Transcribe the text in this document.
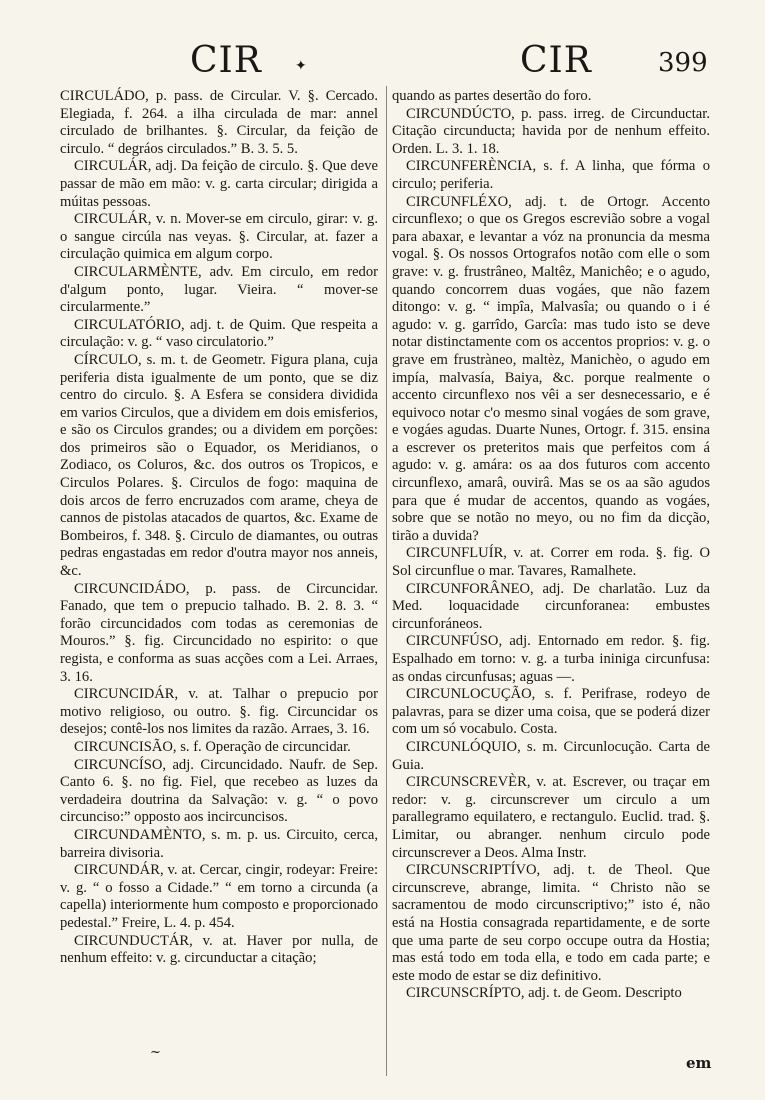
CIR ✦	CIR	399

CIRCULÁDO, p. pass. de Circular. V. §. Cercado. Elegiada, f. 264. a ilha circulada de mar: annel circulado de brilhantes. §. Circular, da feição de circulo. “ degráos circulados.” B. 3. 5. 5.

CIRCULÁR, adj. Da feição de circulo. §. Que deve passar de mão em mão: v. g. carta circular; dirigida a múitas pessoas.

CIRCULÁR, v. n. Mover-se em circulo, girar: v. g. o sangue circúla nas veyas. §. Circular, at. fazer a circulação quimica em algum corpo.

CIRCULARMÈNTE, adv. Em circulo, em redor d'algum ponto, lugar. Vieira. “ mover-se circularmente.”

CIRCULATÓRIO, adj. t. de Quim. Que respeita a circulação: v. g. “ vaso circulatorio.”

CÍRCULO, s. m. t. de Geometr. Figura plana, cuja periferia dista igualmente de um ponto, que se diz centro do circulo. §. A Esfera se considera dividida em varios Circulos, que a dividem em dois emisferios, e são os Circulos grandes; ou a dividem em porções: dos primeiros são o Equador, os Meridianos, o Zodiaco, os Coluros, &c. dos outros os Tropicos, e Circulos Polares. §. Circulos de fogo: maquina de dois arcos de ferro encruzados com arame, cheya de cannos de pistolas atacados de quartos, &c. Exame de Bombeiros, f. 348. §. Circulo de diamantes, ou outras pedras engastadas em redor d'outra mayor nos anneis, &c.

CIRCUNCIDÁDO, p. pass. de Circuncidar. Fanado, que tem o prepucio talhado. B. 2. 8. 3. “ forão circuncidados com todas as ceremonias de Mouros.” §. fig. Circuncidado no espirito: o que regista, e conforma as suas acções com a Lei. Arraes, 3. 16.

CIRCUNCIDÁR, v. at. Talhar o prepucio por motivo religioso, ou outro. §. fig. Circuncidar os desejos; contê-los nos limites da razão. Arraes, 3. 16.

CIRCUNCISÃO, s. f. Operação de circuncidar.

CIRCUNCÍSO, adj. Circuncidado. Naufr. de Sep. Canto 6. §. no fig. Fiel, que recebeo as luzes da verdadeira doutrina da Salvação: v. g. “ o povo circunciso:” opposto aos incircuncisos.

CIRCUNDAMÈNTO, s. m. p. us. Circuito, cerca, barreira divisoria.

CIRCUNDÁR, v. at. Cercar, cingir, rodeyar: Freire: v. g. “ o fosso a Cidade.” “ em torno a circunda (a capella) interiormente hum composto e proporcionado pedestal.” Freire, L. 4. p. 454.

CIRCUNDUCTÁR, v. at. Haver por nulla, de nenhum effeito: v. g. circunductar a citação;

quando as partes desertão do foro.

CIRCUNDÚCTO, p. pass. irreg. de Circunductar. Citação circunducta; havida por de nenhum effeito. Orden. L. 3. 1. 18.

CIRCUNFERÈNCIA, s. f. A linha, que fórma o circulo; periferia.

CIRCUNFLÉXO, adj. t. de Ortogr. Accento circunflexo; o que os Gregos escrevião sobre a vogal para abaxar, e levantar a vóz na pronuncia da mesma vogal. §. Os nossos Ortografos notão com elle o som grave: v. g. frustrâneo, Maltêz, Manichêo; e o agudo, quando concorrem duas vogáes, que não fazem ditongo: v. g. “ impîa, Malvasîa; ou quando o i é agudo: v. g. garrîdo, Garcîa: mas tudo isto se deve notar distinctamente com os accentos proprios: v. g. o grave em frustràneo, maltèz, Manichèo, o agudo em impía, malvasía, Baiya, &c. porque realmente o accento circunflexo nos vêi a ser desnecessario, e é equivoco notar c'o mesmo sinal vogáes de som grave, e vogáes agudas. Duarte Nunes, Ortogr. f. 315. ensina a escrever os preteritos mais que perfeitos com á agudo: v. g. amára: os aa dos futuros com accento circunflexo, amarâ, ouvirâ. Mas se os aa são agudos para que é mudar de accentos, quando as vogáes, sobre que se notão no meyo, ou no fim da dicção, tirão a duvida?

CIRCUNFLUÍR, v. at. Correr em roda. §. fig. O Sol circunflue o mar. Tavares, Ramalhete.

CIRCUNFORÂNEO, adj. De charlatão. Luz da Med. loquacidade circunforanea: embustes circunforáneos.

CIRCUNFÚSO, adj. Entornado em redor. §. fig. Espalhado em torno: v. g. a turba ininiga circunfusa: as ondas circunfusas; aguas —.

CIRCUNLOCUÇÃO, s. f. Perifrase, rodeyo de palavras, para se dizer uma coisa, que se poderá dizer com um só vocabulo. Costa.

CIRCUNLÓQUIO, s. m. Circunlocução. Carta de Guia.

CIRCUNSCREVÈR, v. at. Escrever, ou traçar em redor: v. g. circunscrever um circulo a um parallegramo equilatero, e rectangulo. Euclid. trad. §. Limitar, ou abranger. nenhum circulo pode circunscrever a Deos. Alma Instr.

CIRCUNSCRIPTÍVO, adj. t. de Theol. Que circunscreve, abrange, limita. “ Christo não se sacramentou de modo circunscriptivo;” isto é, não está na Hostia consagrada repartidamente, e de sorte que uma parte de seu corpo occupe outra da Hostia; mas está todo em toda ella, e todo em cada parte; e este modo de estar se diz definitivo.

CIRCUNSCRÍPTO, adj. t. de Geom. Descripto

~
em
